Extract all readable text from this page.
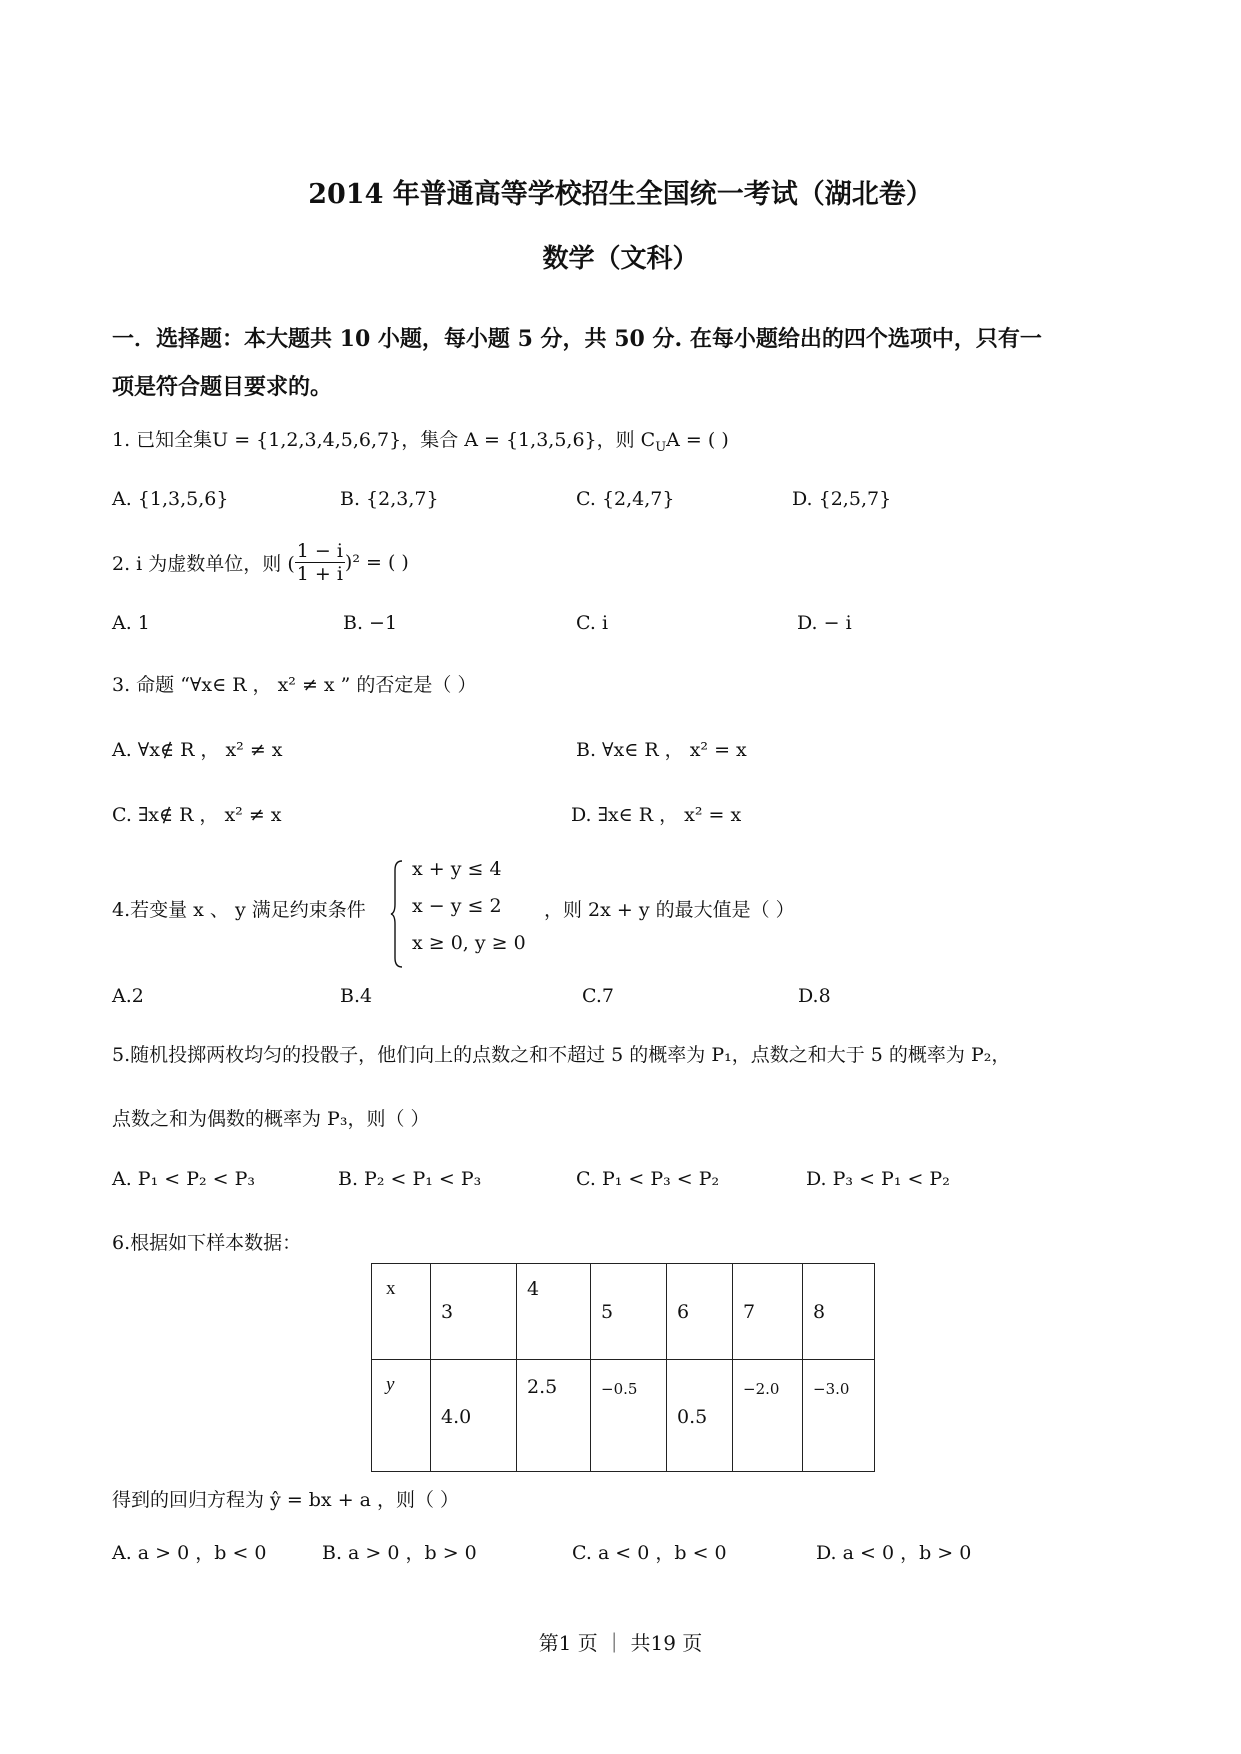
2014 年普通高等学校招生全国统一考试（湖北卷）
数学（文科）
一．选择题：本大题共 10 小题，每小题 5 分，共 50 分. 在每小题给出的四个选项中，只有一
项是符合题目要求的。
1. 已知全集U = {1,2,3,4,5,6,7}，集合 A = {1,3,5,6}，则 $C_UA$ = ( )
A. {1,3,5,6}	B. {2,3,7}	C. {2,4,7}	D. {2,5,7}
2. i 为虚数单位，则 ( $\frac{1 - i}{1 + i} )^2$ = ( )
A. 1	B. −1	C. i	D. − i
3. 命题 “∀x∈ R ， x² ≠ x ” 的否定是（ ）
A. ∀x∉ R ， x² ≠ x	B. ∀x∈ R ， x² = x
C. ∃x∉ R ， x² ≠ x	D. ∃x∈ R ， x² = x
4.若变量 x 、 y 满足约束条件
x + y ≤ 4
x − y ≤ 2
x ≥ 0, y ≥ 0
，则 2x + y 的最大值是（ ）
A.2	B.4	C.7	D.8
5.随机投掷两枚均匀的投骰子，他们向上的点数之和不超过 5 的概率为 P₁，点数之和大于 5 的概率为 P₂，
点数之和为偶数的概率为 P₃，则（ ）
A. P₁ < P₂ < P₃	B. P₂ < P₁ < P₃	C. P₁ < P₃ < P₂	D. P₃ < P₁ < P₂
6.根据如下样本数据：
x	3	4	5	6	7	8

y	4.0	2.5	−0.5	0.5	−2.0	−3.0
得到的回归方程为 ŷ = bx + a ，则（ ）
A. a > 0 ，b < 0	B. a > 0 ，b > 0	C. a < 0 ，b < 0	D. a < 0 ，b > 0
第1 页 ｜ 共19 页
